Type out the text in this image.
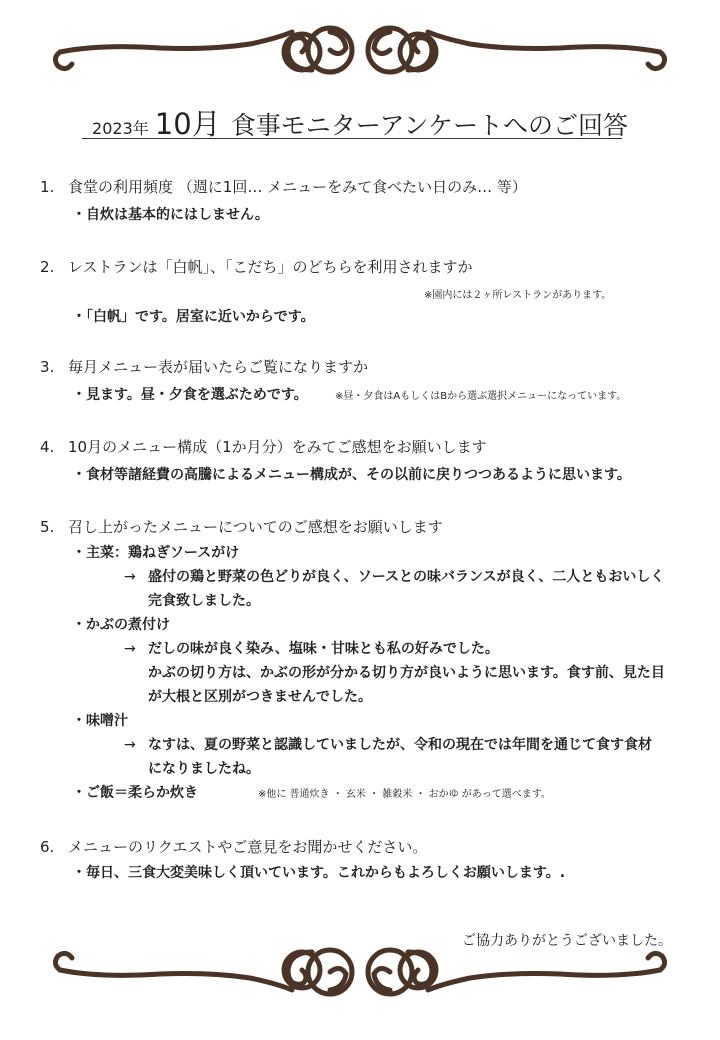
2023年 10月 食事モニターアンケートへのご回答
1. 食堂の利用頻度 （週に1回… メニューをみて食べたい日のみ… 等）
・自炊は基本的にはしません。
2. レストランは「白帆」、「こだち」のどちらを利用されますか
※園内には２ヶ所レストランがあります。
・「白帆」です。居室に近いからです。
3. 毎月メニュー表が届いたらご覧になりますか
・見ます。昼・夕食を選ぶためです。	※昼・夕食はAもしくはBから選ぶ選択メニューになっています。
4. 10月のメニュー構成（1か月分）をみてご感想をお願いします
・食材等諸経費の高騰によるメニュー構成が、その以前に戻りつつあるように思います。
5. 召し上がったメニューについてのご感想をお願いします
・主菜：鶏ねぎソースがけ
→ 盛付の鶏と野菜の色どりが良く、ソースとの味バランスが良く、二人ともおいしく
完食致しました。
・かぶの煮付け
→ だしの味が良く染み、塩味・甘味とも私の好みでした。
かぶの切り方は、かぶの形が分かる切り方が良いように思います。食す前、見た目
が大根と区別がつきませんでした。
・味噌汁
→ なすは、夏の野菜と認識していましたが、令和の現在では年間を通じて食す食材
になりましたね。
・ご飯＝柔らか炊き	※他に 普通炊き ・ 玄米 ・ 雑穀米 ・ おかゆ があって選べます。
6. メニューのリクエストやご意見をお聞かせください。
・毎日、三食大変美味しく頂いています。これからもよろしくお願いします。.
ご協力ありがとうございました。
